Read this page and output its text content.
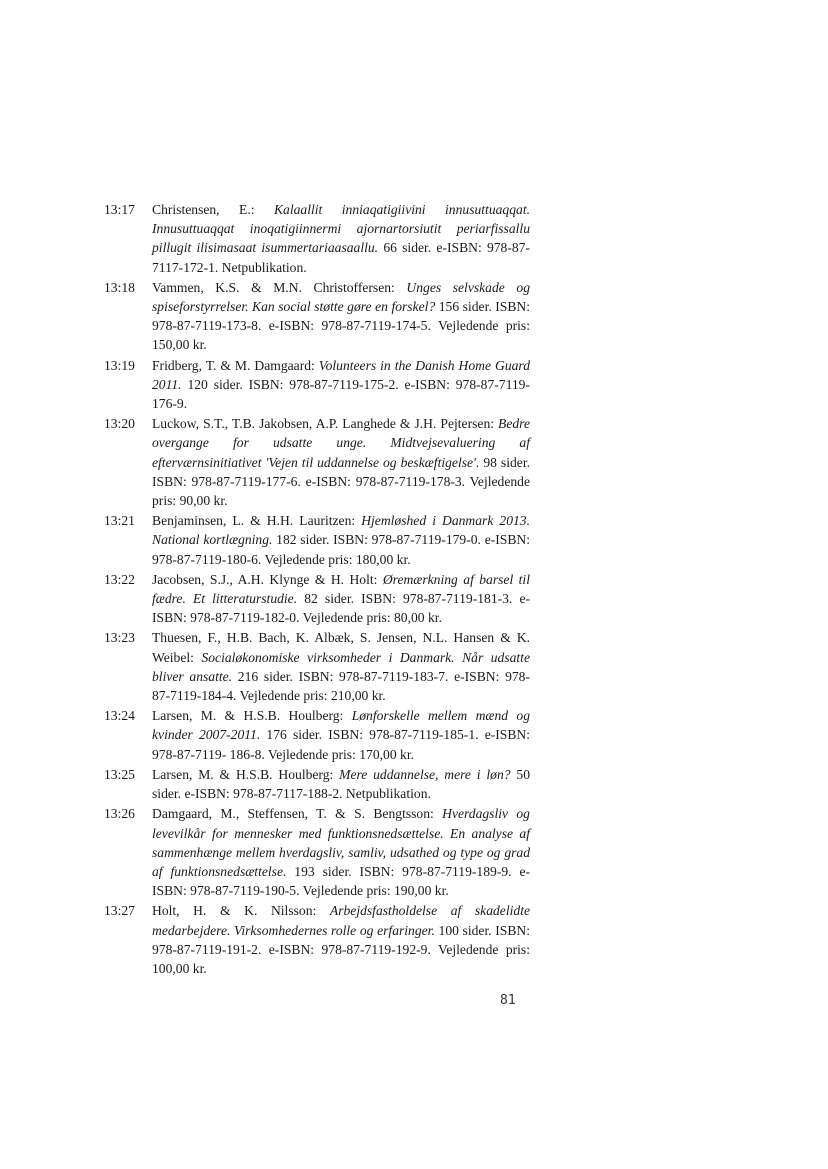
13:17	Christensen, E.: Kalaallit inniaqatigiivini innusuttuaqqat. Innusuttuaqqat inoqatigiinnermi ajornartorsiutit periarfissallu pillugit ilisimasaat isummertariaasaallu. 66 sider. e-ISBN: 978-87-7117-172-1. Netpublikation.
13:18	Vammen, K.S. & M.N. Christoffersen: Unges selvskade og spiseforstyrrelser. Kan social støtte gøre en forskel? 156 sider. ISBN: 978-87-7119-173-8. e-ISBN: 978-87-7119-174-5. Vejledende pris: 150,00 kr.
13:19	Fridberg, T. & M. Damgaard: Volunteers in the Danish Home Guard 2011. 120 sider. ISBN: 978-87-7119-175-2. e-ISBN: 978-87-7119-176-9.
13:20	Luckow, S.T., T.B. Jakobsen, A.P. Langhede & J.H. Pejtersen: Bedre overgange for udsatte unge. Midtvejsevaluering af efterværnsinitiativet 'Vejen til uddannelse og beskæftigelse'. 98 sider. ISBN: 978-87-7119-177-6. e-ISBN: 978-87-7119-178-3. Vejledende pris: 90,00 kr.
13:21	Benjaminsen, L. & H.H. Lauritzen: Hjemløshed i Danmark 2013. National kortlægning. 182 sider. ISBN: 978-87-7119-179-0. e-ISBN: 978-87-7119-180-6. Vejledende pris: 180,00 kr.
13:22	Jacobsen, S.J., A.H. Klynge & H. Holt: Øremærkning af barsel til fædre. Et litteraturstudie. 82 sider. ISBN: 978-87-7119-181-3. e-ISBN: 978-87-7119-182-0. Vejledende pris: 80,00 kr.
13:23	Thuesen, F., H.B. Bach, K. Albæk, S. Jensen, N.L. Hansen & K. Weibel: Socialøkonomiske virksomheder i Danmark. Når udsatte bliver ansatte. 216 sider. ISBN: 978-87-7119-183-7. e-ISBN: 978-87-7119-184-4. Vejledende pris: 210,00 kr.
13:24	Larsen, M. & H.S.B. Houlberg: Lønforskelle mellem mænd og kvinder 2007-2011. 176 sider. ISBN: 978-87-7119-185-1. e-ISBN: 978-87-7119- 186-8. Vejledende pris: 170,00 kr.
13:25	Larsen, M. & H.S.B. Houlberg: Mere uddannelse, mere i løn? 50 sider. e-ISBN: 978-87-7117-188-2. Netpublikation.
13:26	Damgaard, M., Steffensen, T. & S. Bengtsson: Hverdagsliv og levevilkår for mennesker med funktionsnedsættelse. En analyse af sammenhænge mellem hverdagsliv, samliv, udsathed og type og grad af funktionsnedsættelse. 193 sider. ISBN: 978-87-7119-189-9. e-ISBN: 978-87-7119-190-5. Vejledende pris: 190,00 kr.
13:27	Holt, H. & K. Nilsson: Arbejdsfastholdelse af skadelidte medarbejdere. Virksomhedernes rolle og erfaringer. 100 sider. ISBN: 978-87-7119-191-2. e-ISBN: 978-87-7119-192-9. Vejledende pris: 100,00 kr.
81
